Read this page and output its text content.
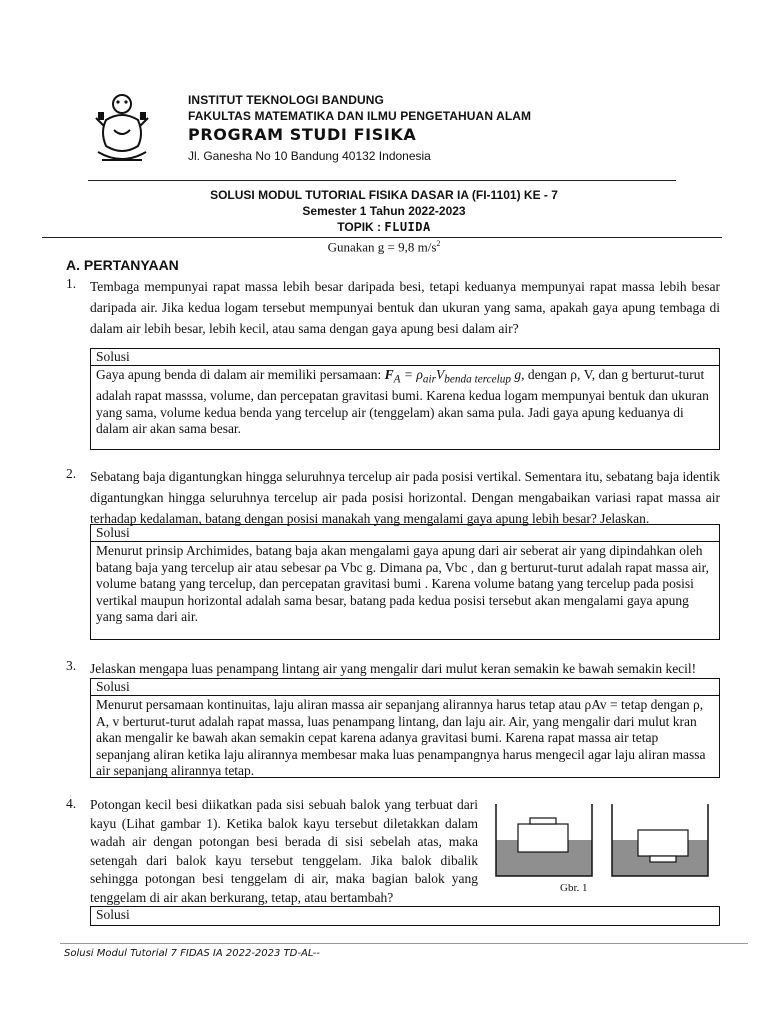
INSTITUT TEKNOLOGI BANDUNG
FAKULTAS MATEMATIKA DAN ILMU PENGETAHUAN ALAM
PROGRAM STUDI FISIKA
Jl. Ganesha No 10 Bandung 40132 Indonesia
SOLUSI MODUL TUTORIAL FISIKA DASAR IA (FI-1101) KE - 7
Semester 1 Tahun 2022-2023
TOPIK : FLUIDA
Gunakan g = 9,8 $m/s^2$
A. PERTANYAAN
1. Tembaga mempunyai rapat massa lebih besar daripada besi, tetapi keduanya mempunyai rapat massa lebih besar daripada air. Jika kedua logam tersebut mempunyai bentuk dan ukuran yang sama, apakah gaya apung tembaga di dalam air lebih besar, lebih kecil, atau sama dengan gaya apung besi dalam air?
Solusi
Gaya apung benda di dalam air memiliki persamaan: $F_A = \rho_{air}V_{benda tercelup}$ g, dengan ρ, V, dan g berturut-turut adalah rapat masssa, volume, dan percepatan gravitasi bumi. Karena kedua logam mempunyai bentuk dan ukuran yang sama, volume kedua benda yang tercelup air (tenggelam) akan sama pula. Jadi gaya apung keduanya di dalam air akan sama besar.
2. Sebatang baja digantungkan hingga seluruhnya tercelup air pada posisi vertikal. Sementara itu, sebatang baja identik digantungkan hingga seluruhnya tercelup air pada posisi horizontal. Dengan mengabaikan variasi rapat massa air terhadap kedalaman, batang dengan posisi manakah yang mengalami gaya apung lebih besar? Jelaskan.
Solusi
Menurut prinsip Archimides, batang baja akan mengalami gaya apung dari air seberat air yang dipindahkan oleh batang baja yang tercelup air atau sebesar ρa Vbc g. Dimana ρa, Vbc , dan g berturut-turut adalah rapat massa air, volume batang yang tercelup, dan percepatan gravitasi bumi . Karena volume batang yang tercelup pada posisi vertikal maupun horizontal adalah sama besar, batang pada kedua posisi tersebut akan mengalami gaya apung yang sama dari air.
3. Jelaskan mengapa luas penampang lintang air yang mengalir dari mulut keran semakin ke bawah semakin kecil!
Solusi
Menurut persamaan kontinuitas, laju aliran massa air sepanjang alirannya harus tetap atau ρAv = tetap dengan ρ, A, v berturut-turut adalah rapat massa, luas penampang lintang, dan laju air. Air, yang mengalir dari mulut kran akan mengalir ke bawah akan semakin cepat karena adanya gravitasi bumi. Karena rapat massa air tetap sepanjang aliran ketika laju alirannya membesar maka luas penampangnya harus mengecil agar laju aliran massa air sepanjang alirannya tetap.
4. Potongan kecil besi diikatkan pada sisi sebuah balok yang terbuat dari kayu (Lihat gambar 1). Ketika balok kayu tersebut diletakkan dalam wadah air dengan potongan besi berada di sisi sebelah atas, maka setengah dari balok kayu tersebut tenggelam. Jika balok dibalik sehingga potongan besi tenggelam di air, maka bagian balok yang tenggelam di air akan berkurang, tetap, atau bertambah?
Gbr. 1
Solusi
Solusi Modul Tutorial 7 FIDAS IA 2022-2023 TD-AL--
